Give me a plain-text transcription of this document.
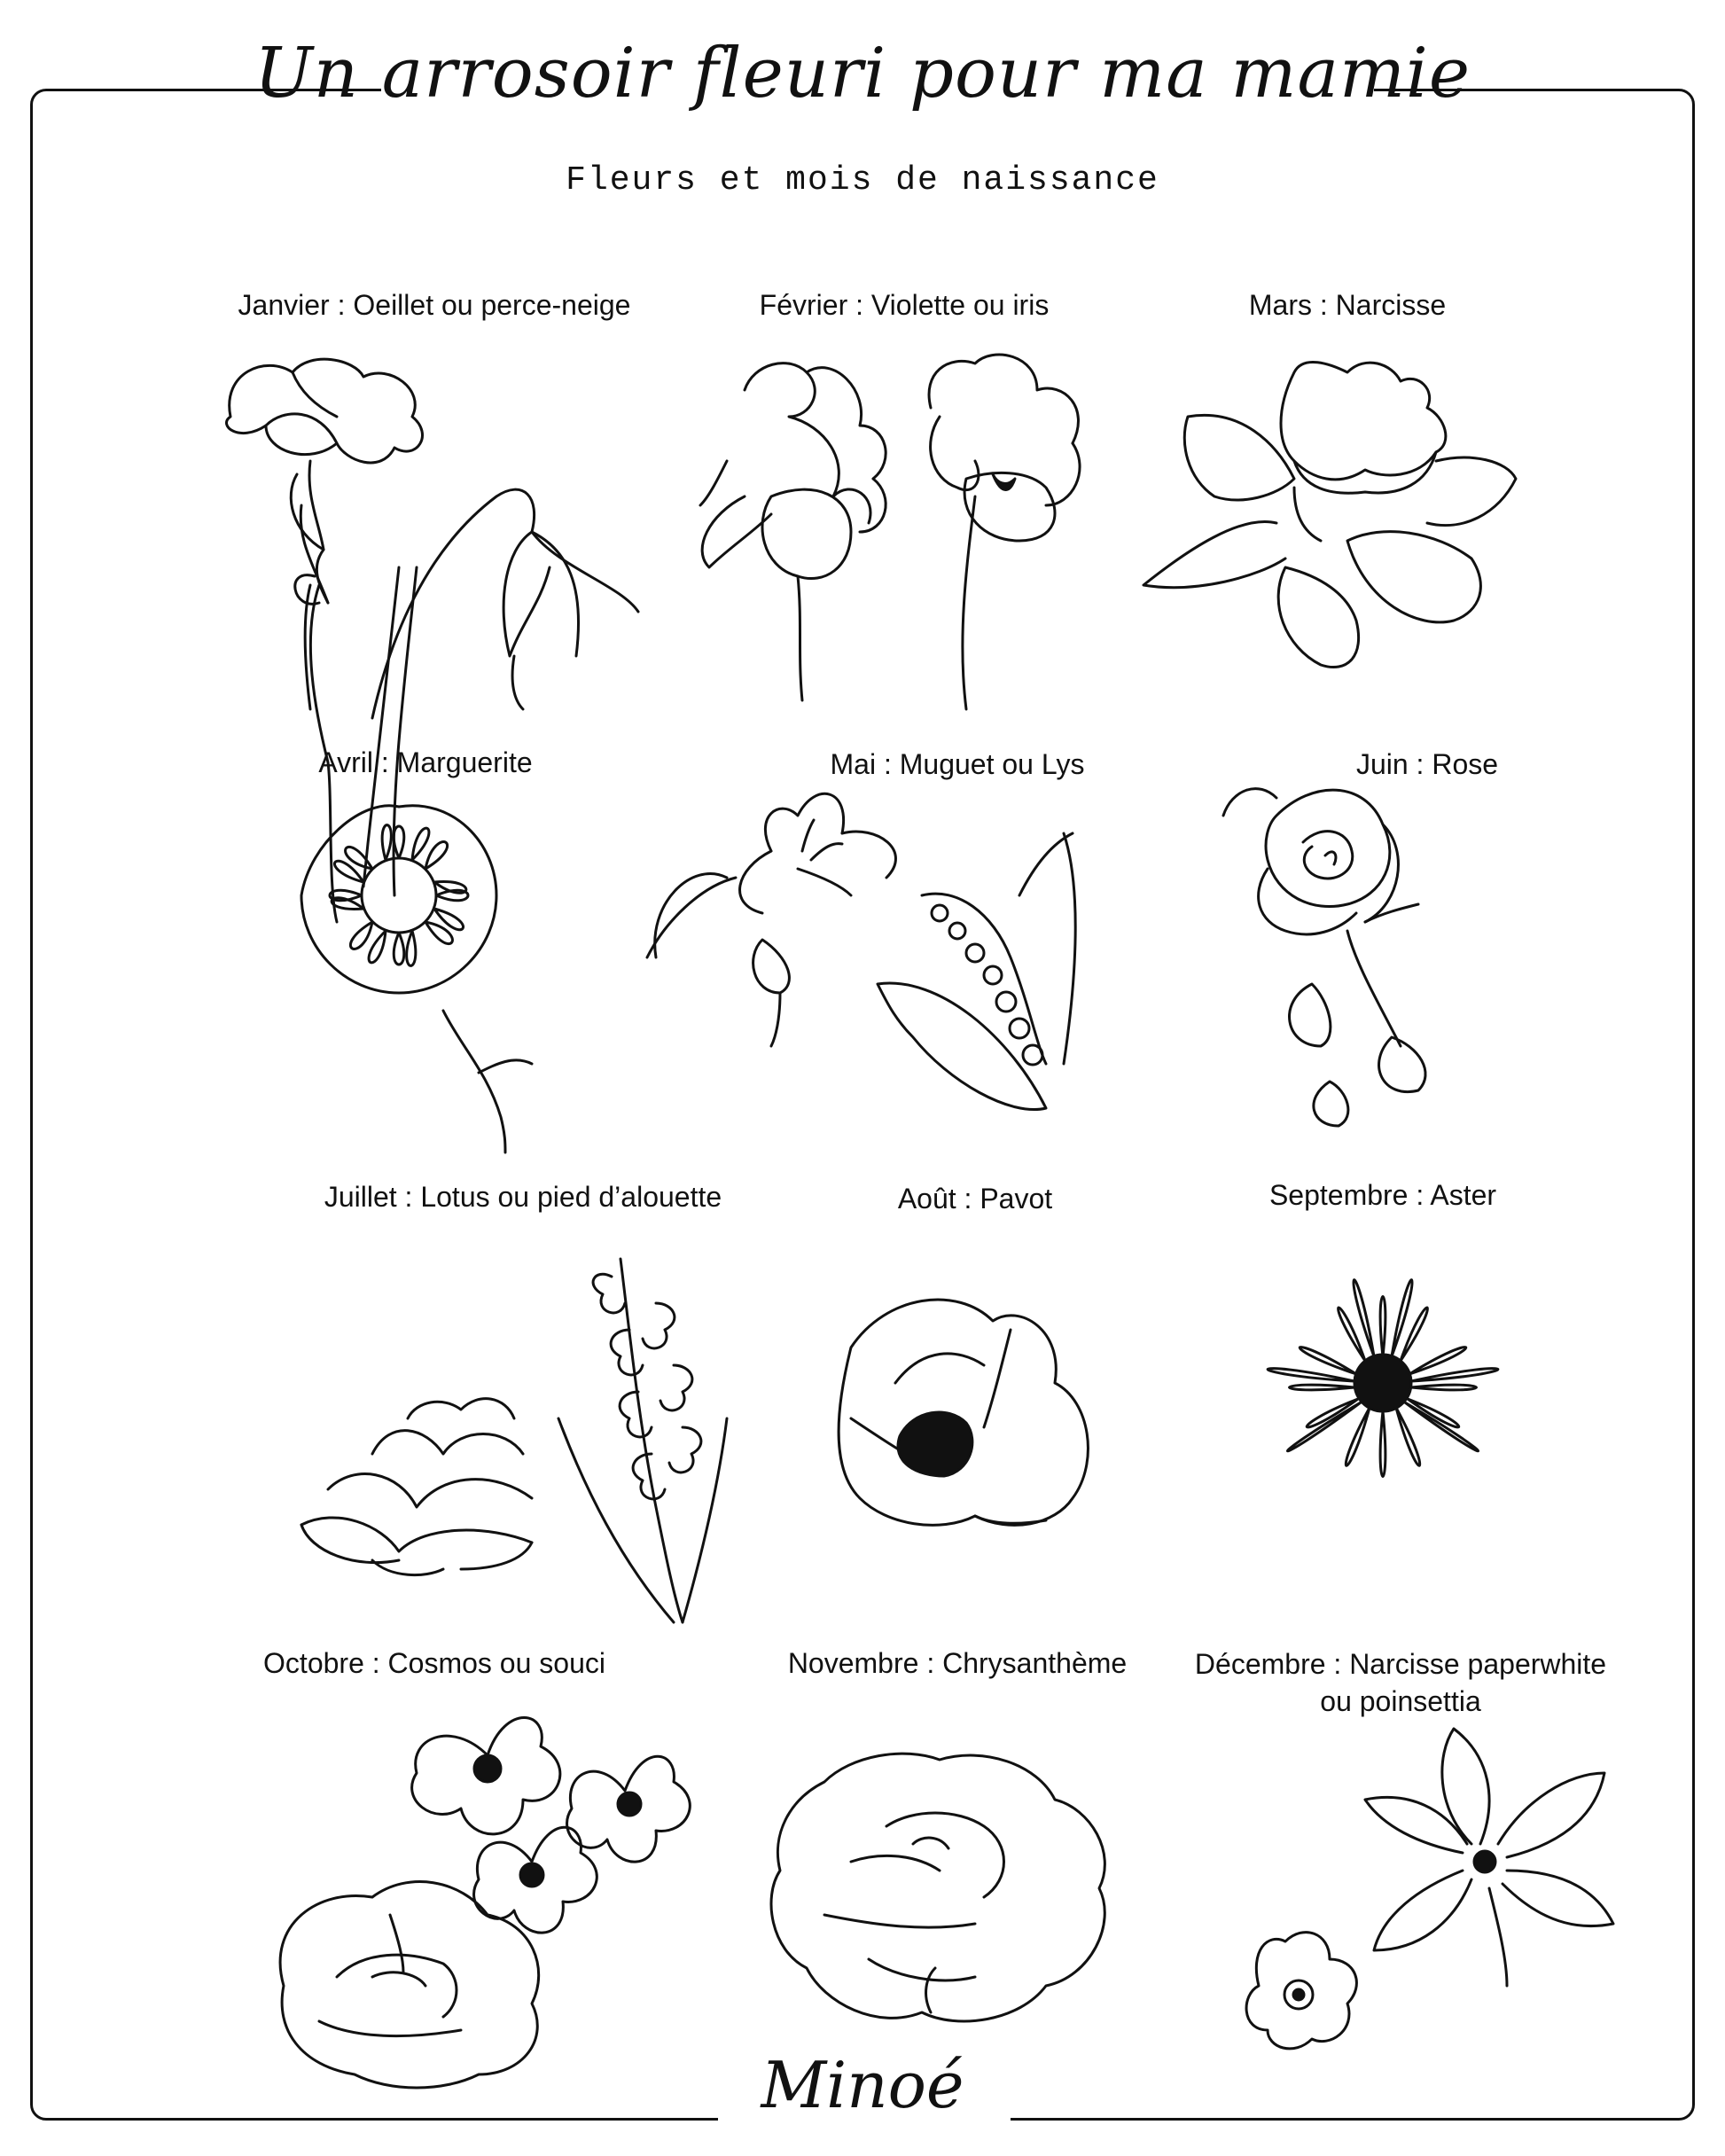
Un arrosoir fleuri pour ma mamie
Fleurs et mois de naissance
Janvier : Oeillet ou perce-neige	Février : Violette ou iris	Mars : Narcisse
Avril : Marguerite	Mai : Muguet ou Lys	Juin : Rose
Juillet : Lotus ou pied d’alouette	Août : Pavot	Septembre : Aster
Octobre : Cosmos ou souci	Novembre : Chrysanthème	Décembre : Narcisse paperwhite
ou poinsettia
Minoé
